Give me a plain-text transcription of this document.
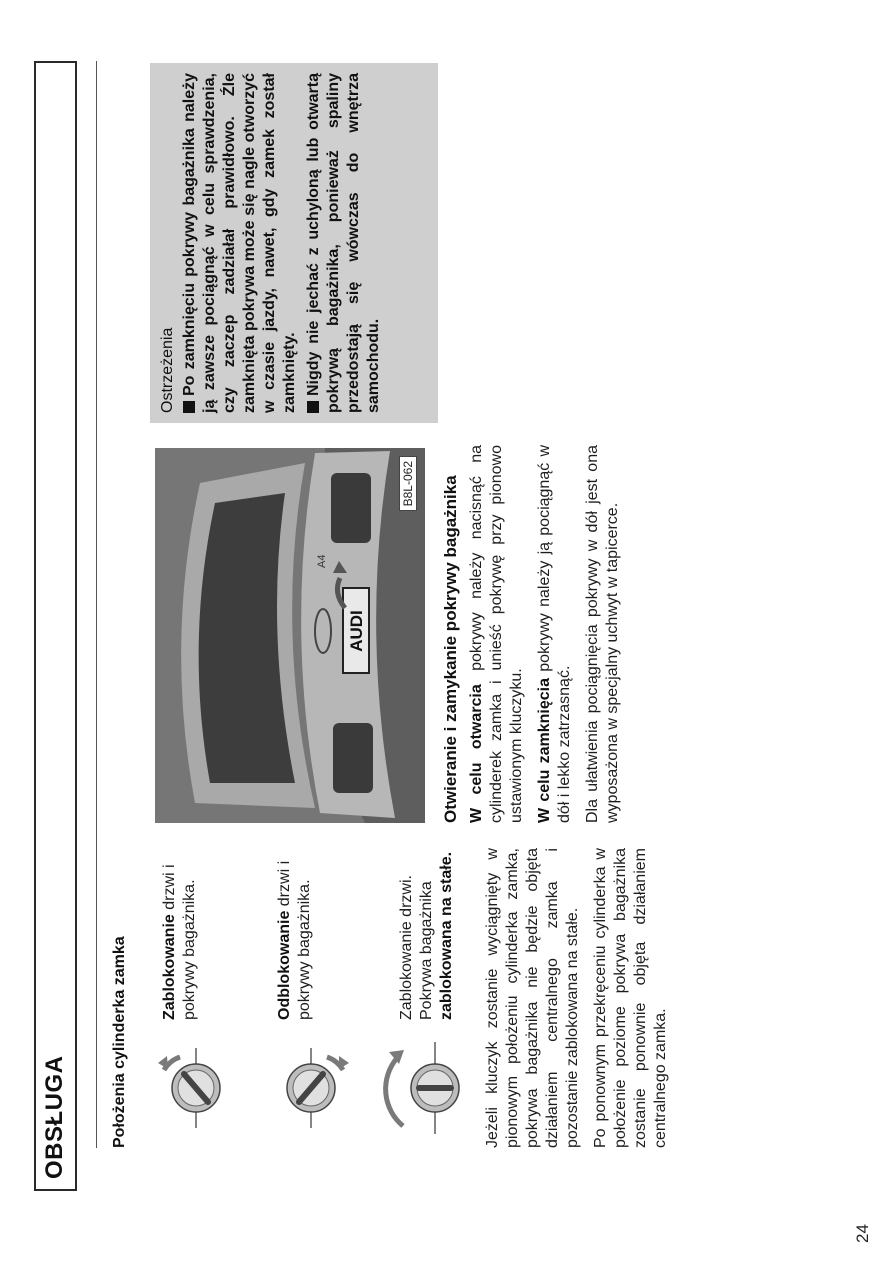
OBSŁUGA	Położenia cylinderka zamka Zablokowanie drzwi i pokrywy bagażnika.	Odblokowanie drzwi i pokrywy bagażnika.	Zablokowanie drzwi. Pokrywa bagażnika zablokowana na stałe. Jeżeli kluczyk zostanie wyciągnięty w pionowym położeniu cylinderka zamka, pokrywa bagażnika nie będzie objęta działaniem centralnego zamka i pozostanie zablokowana na stałe. Po ponownym przekręceniu cylinderka w położenie poziome pokrywa bagażnika zostanie ponownie objęta działaniem centralnego zamka.

AUDI
A4
B8L-062 Otwieranie i zamykanie pokrywy bagażnika W celu otwarcia pokrywy należy nacisnąć na cylinderek zamka i unieść pokrywę przy pionowo ustawionym kluczyku. W celu zamknięcia pokrywy należy ją pociągnąć w dół i lekko zatrzasnąć. Dla ułatwienia pociągnięcia pokrywy w dół jest ona wyposażona w specjalny uchwyt w tapicerce.

Ostrzeżenia Po zamknięciu pokrywy bagażnika należy ją zawsze pociągnąć w celu sprawdzenia, czy zaczep zadziałał prawidłowo. Źle zamknięta pokrywa może się nagle otworzyć w czasie jazdy, nawet, gdy zamek został zamknięty. Nigdy nie jechać z uchyloną lub otwartą pokrywą bagażnika, ponieważ spaliny przedostają się wówczas do wnętrza samochodu.

24
